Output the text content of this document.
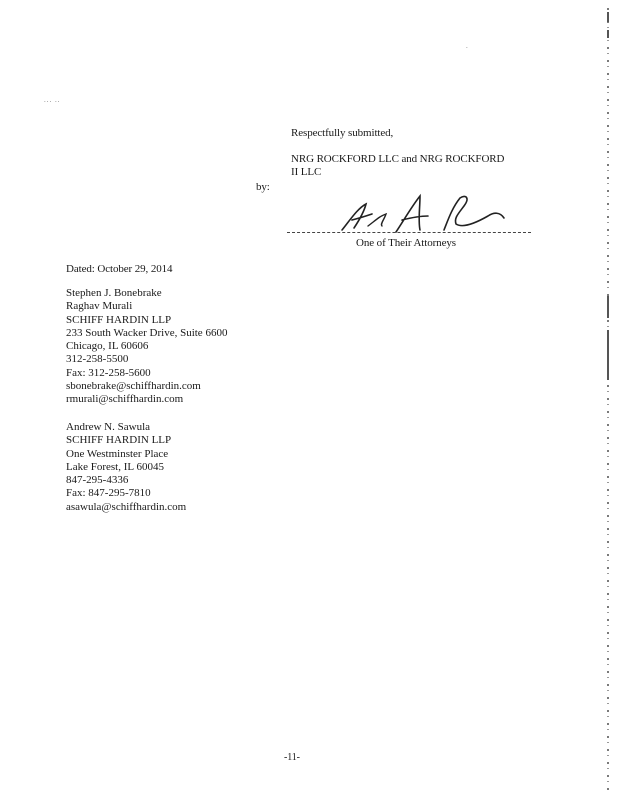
... ..
.
Respectfully submitted,
NRG ROCKFORD LLC and NRG ROCKFORD
II LLC
by:
One of Their Attorneys
Dated: October 29, 2014
Stephen J. Bonebrake
Raghav Murali
SCHIFF HARDIN LLP
233 South Wacker Drive, Suite 6600
Chicago, IL 60606
312-258-5500
Fax: 312-258-5600
sbonebrake@schiffhardin.com
rmurali@schiffhardin.com
Andrew N. Sawula
SCHIFF HARDIN LLP
One Westminster Place
Lake Forest, IL 60045
847-295-4336
Fax: 847-295-7810
asawula@schiffhardin.com
-11-
